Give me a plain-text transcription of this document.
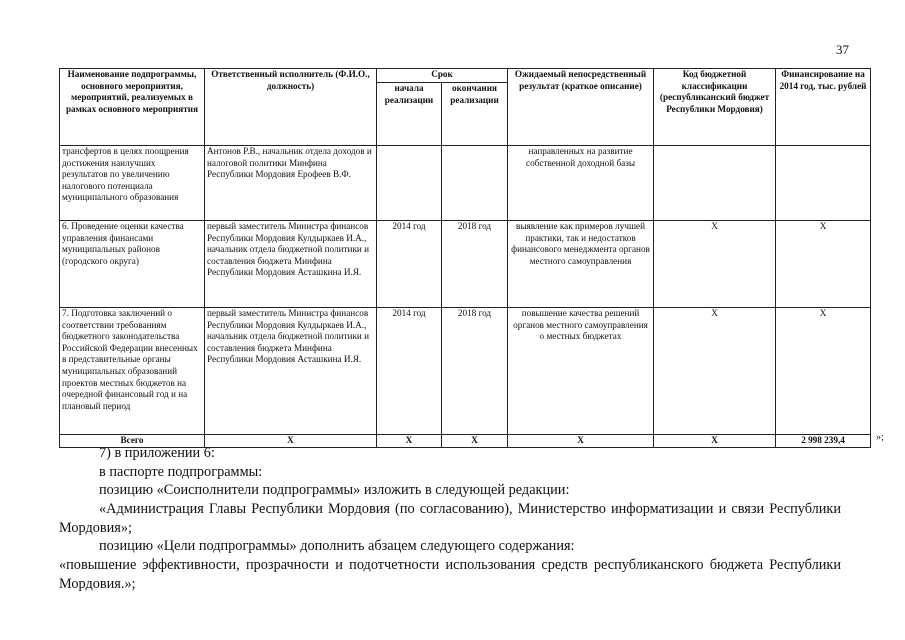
37
Наименование подпрограммы, основного мероприятия, мероприятий, реализуемых в рамках основного мероприятия	Ответственный исполнитель (Ф.И.О., должность)	Срок		Ожидаемый непосредственный результат (краткое описание)	Код бюджетной классификации (республиканский бюджет Республики Мордовия)	Финансирование на 2014 год, тыс. рублей
		начала реализации	окончания реализации			
трансфертов в целях поощрения достижения наилучших результатов по увеличению налогового потенциала муниципального образования	Антонов Р.В., начальник отдела доходов и налоговой политики Минфина Республики Мордовия Ерофеев В.Ф.			направленных на развитие собственной доходной базы		
6. Проведение оценки качества управления финансами муниципальных районов (городского округа)	первый заместитель Министра финансов Республики Мордовия Кулдыркаев И.А., начальник отдела бюджетной политики и составления бюджета Минфина Республики Мордовия Асташкина И.Я.	2014 год	2018 год	выявление как примеров лучшей практики, так и недостатков финансового менеджмента органов местного самоуправления	X	X
7. Подготовка заключений о соответствии требованиям бюджетного законодательства Российской Федерации внесенных в представительные органы муниципальных образований проектов местных бюджетов на очередной финансовый год и на плановый период	первый заместитель Министра финансов Республики Мордовия Кулдыркаев И.А., начальник отдела бюджетной политики и составления бюджета Минфина Республики Мордовия Асташкина И.Я.	2014 год	2018 год	повышение качества решений органов местного самоуправления о местных бюджетах	X	X
Всего	X	X	X	X	X	2 998 239,4	»;
7) в приложении 6:
в паспорте подпрограммы:
позицию «Соисполнители подпрограммы» изложить в следующей редакции:
«Администрация Главы Республики Мордовия (по согласованию), Министерство информатизации и связи Республики Мордовия»;
позицию «Цели подпрограммы» дополнить абзацем следующего содержания:
«повышение эффективности, прозрачности и подотчетности использования средств республиканского бюджета Республики Мордовия.»;
